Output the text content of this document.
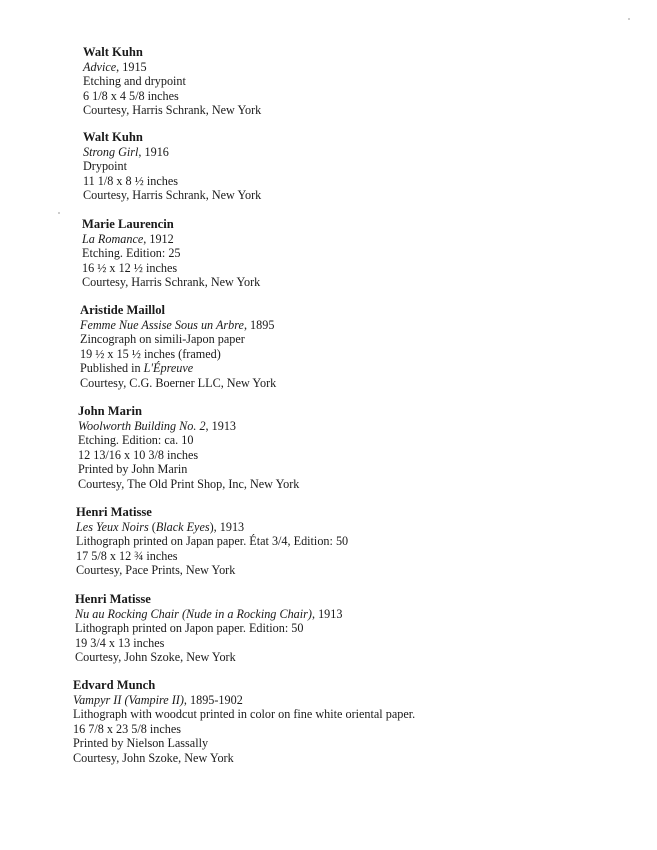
Walt Kuhn
Advice, 1915
Etching and drypoint
6 1/8 x 4 5/8 inches
Courtesy, Harris Schrank, New York
Walt Kuhn
Strong Girl, 1916
Drypoint
11 1/8 x 8 ½ inches
Courtesy, Harris Schrank, New York
Marie Laurencin
La Romance, 1912
Etching. Edition: 25
16 ½ x 12 ½ inches
Courtesy, Harris Schrank, New York
Aristide Maillol
Femme Nue Assise Sous un Arbre, 1895
Zincograph on simili-Japon paper
19 ½ x 15 ½ inches (framed)
Published in L'Épreuve
Courtesy, C.G. Boerner LLC, New York
John Marin
Woolworth Building No. 2, 1913
Etching. Edition: ca. 10
12 13/16 x 10 3/8 inches
Printed by John Marin
Courtesy, The Old Print Shop, Inc, New York
Henri Matisse
Les Yeux Noirs (Black Eyes), 1913
Lithograph printed on Japan paper. État 3/4, Edition: 50
17 5/8 x 12 ¾ inches
Courtesy, Pace Prints, New York
Henri Matisse
Nu au Rocking Chair (Nude in a Rocking Chair), 1913
Lithograph printed on Japon paper. Edition: 50
19 3/4 x 13 inches
Courtesy, John Szoke, New York
Edvard Munch
Vampyr II (Vampire II), 1895-1902
Lithograph with woodcut printed in color on fine white oriental paper.
16 7/8 x 23 5/8 inches
Printed by Nielson Lassally
Courtesy, John Szoke, New York
